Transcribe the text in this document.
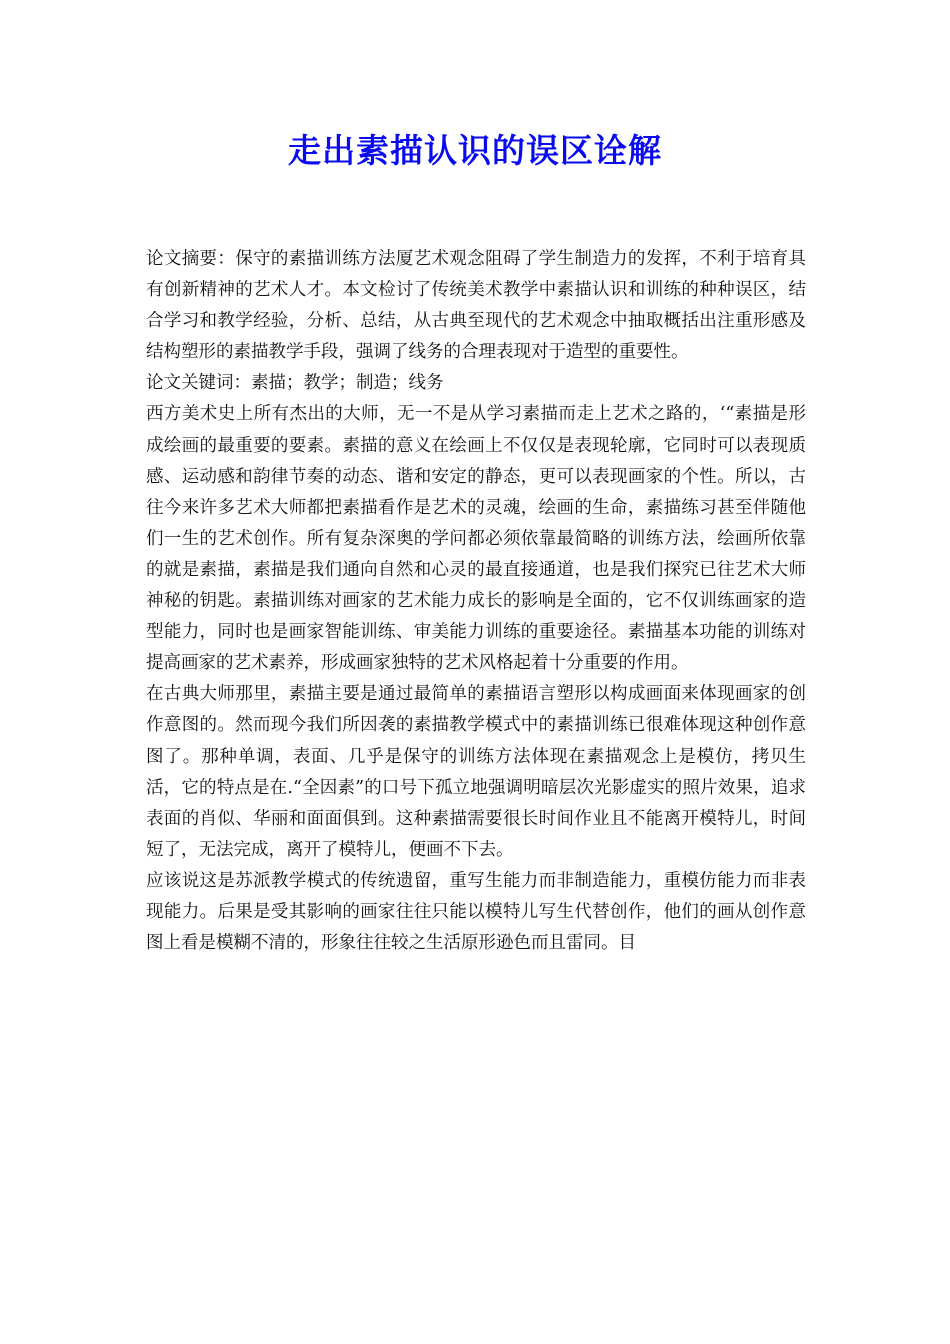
走出素描认识的误区诠解

论文摘要：保守的素描训练方法厦艺术观念阻碍了学生制造力的发挥，不利于培育具有创新精神的艺术人才。本文检讨了传统美术教学中素描认识和训练的种种误区，结合学习和教学经验，分析、总结，从古典至现代的艺术观念中抽取概括出注重形感及结构塑形的素描教学手段，强调了线务的合理表现对于造型的重要性。

论文关键词：素描；教学；制造；线务

西方美术史上所有杰出的大师，无一不是从学习素描而走上艺术之路的，‘“素描是形成绘画的最重要的要素。素描的意义在绘画上不仅仅是表现轮廓，它同时可以表现质感、运动感和韵律节奏的动态、谐和安定的静态，更可以表现画家的个性。所以，古往今来许多艺术大师都把素描看作是艺术的灵魂，绘画的生命，素描练习甚至伴随他们一生的艺术创作。所有复杂深奥的学问都必须依靠最简略的训练方法，绘画所依靠的就是素描，素描是我们通向自然和心灵的最直接通道，也是我们探究已往艺术大师神秘的钥匙。素描训练对画家的艺术能力成长的影响是全面的，它不仅训练画家的造型能力，同时也是画家智能训练、审美能力训练的重要途径。素描基本功能的训练对提高画家的艺术素养，形成画家独特的艺术风格起着十分重要的作用。

在古典大师那里，素描主要是通过最简单的素描语言塑形以构成画面来体现画家的创作意图的。然而现今我们所因袭的素描教学模式中的素描训练已很难体现这种创作意图了。那种单调，表面、几乎是保守的训练方法体现在素描观念上是模仿，拷贝生活，它的特点是在.“全因素”的口号下孤立地强调明暗层次光影虚实的照片效果，追求表面的肖似、华丽和面面俱到。这种素描需要很长时间作业且不能离开模特儿，时间短了，无法完成，离开了模特儿，便画不下去。

应该说这是苏派教学模式的传统遗留，重写生能力而非制造能力，重模仿能力而非表现能力。后果是受其影响的画家往往只能以模特儿写生代替创作，他们的画从创作意图上看是模糊不清的，形象往往较之生活原形逊色而且雷同。目
